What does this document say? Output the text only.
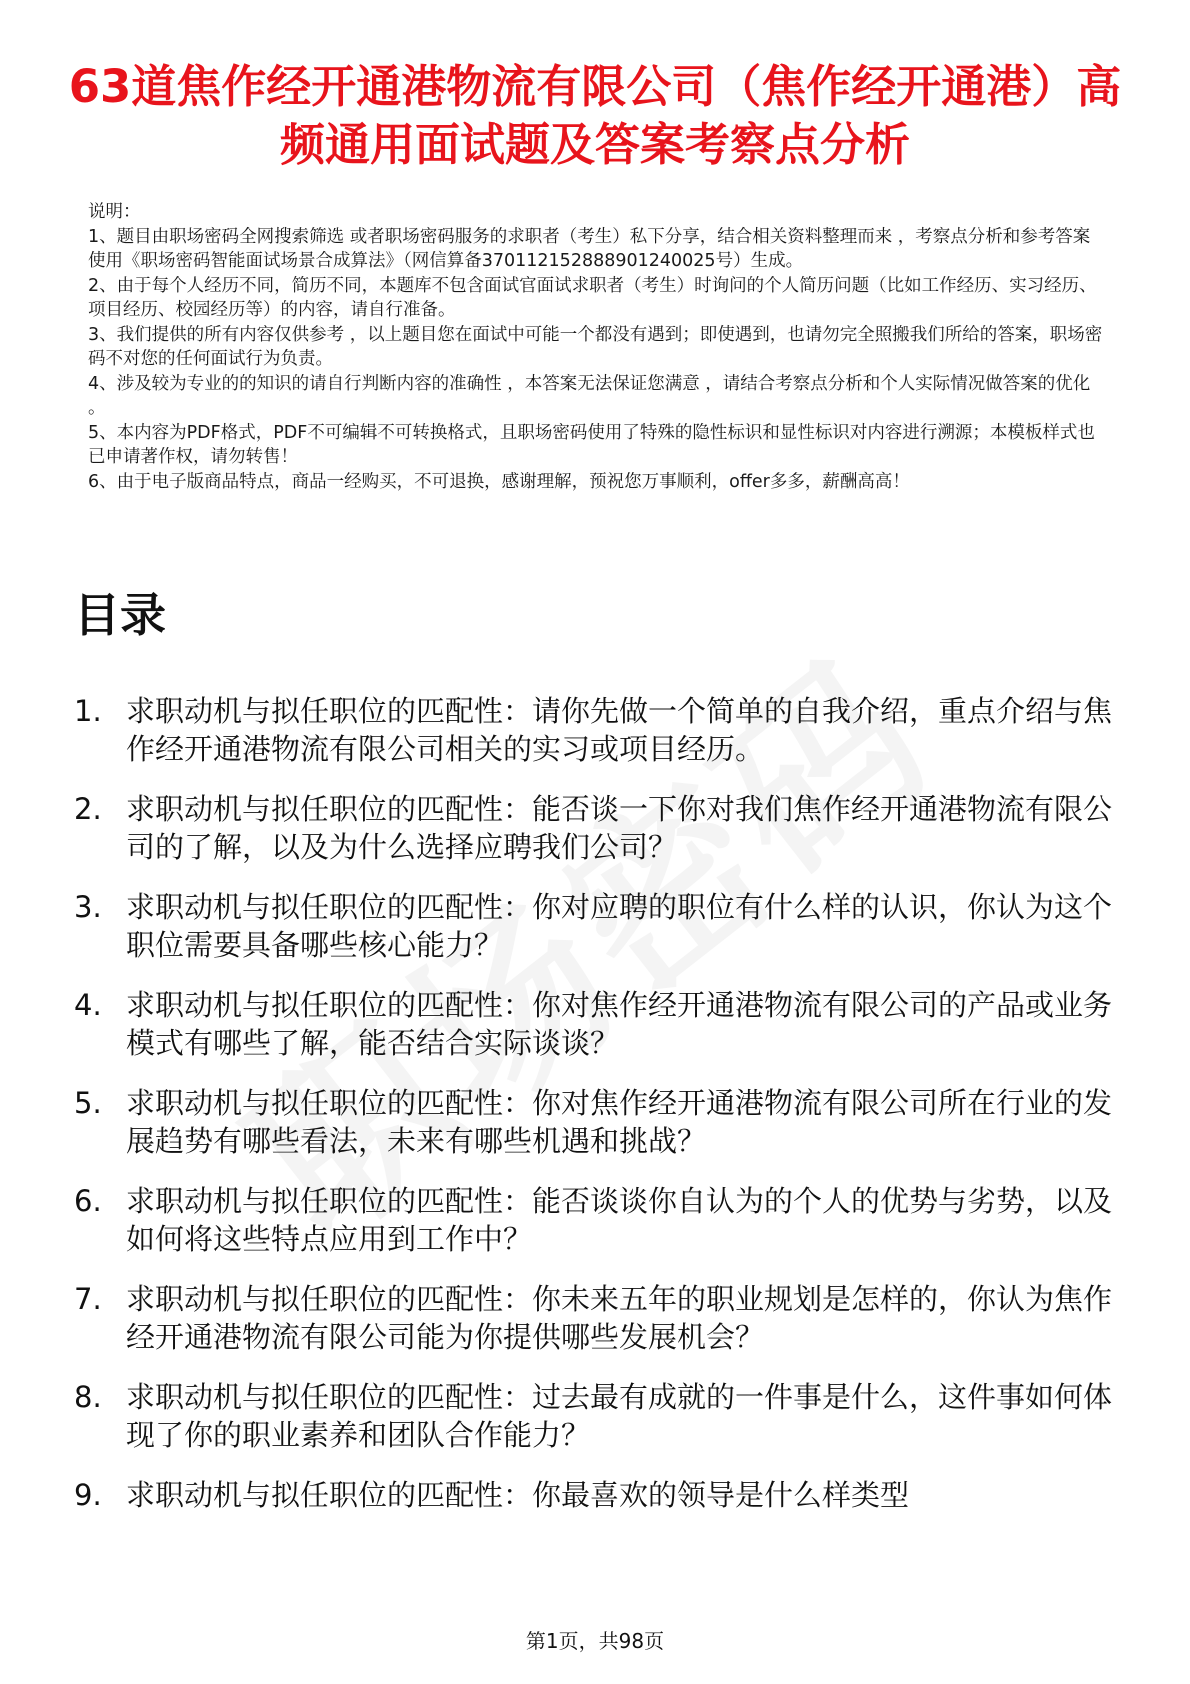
63道焦作经开通港物流有限公司（焦作经开通港）高频通用面试题及答案考察点分析

说明：

1、题目由职场密码全网搜索筛选 或者职场密码服务的求职者（考生）私下分享，结合相关资料整理而来 ，考察点分析和参考答案使用《职场密码智能面试场景合成算法》（网信算备370112152888901240025号）生成。

2、由于每个人经历不同，简历不同，本题库不包含面试官面试求职者（考生）时询问的个人简历问题（比如工作经历、实习经历、项目经历、校园经历等）的内容，请自行准备。

3、我们提供的所有内容仅供参考 ，以上题目您在面试中可能一个都没有遇到；即使遇到，也请勿完全照搬我们所给的答案，职场密码不对您的任何面试行为负责。

4、涉及较为专业的的知识的请自行判断内容的准确性 ，本答案无法保证您满意 ，请结合考察点分析和个人实际情况做答案的优化 。

5、本内容为PDF格式，PDF不可编辑不可转换格式，且职场密码使用了特殊的隐性标识和显性标识对内容进行溯源；本模板样式也已申请著作权，请勿转售！

6、由于电子版商品特点，商品一经购买，不可退换，感谢理解，预祝您万事顺利，offer多多，薪酬高高！

目录
1. 求职动机与拟任职位的匹配性：请你先做一个简单的自我介绍，重点介绍与焦作经开通港物流有限公司相关的实习或项目经历。
2. 求职动机与拟任职位的匹配性：能否谈一下你对我们焦作经开通港物流有限公司的了解，以及为什么选择应聘我们公司？
3. 求职动机与拟任职位的匹配性：你对应聘的职位有什么样的认识，你认为这个职位需要具备哪些核心能力？
4. 求职动机与拟任职位的匹配性：你对焦作经开通港物流有限公司的产品或业务模式有哪些了解，能否结合实际谈谈？
5. 求职动机与拟任职位的匹配性：你对焦作经开通港物流有限公司所在行业的发展趋势有哪些看法，未来有哪些机遇和挑战？
6. 求职动机与拟任职位的匹配性：能否谈谈你自认为的个人的优势与劣势，以及如何将这些特点应用到工作中？
7. 求职动机与拟任职位的匹配性：你未来五年的职业规划是怎样的，你认为焦作经开通港物流有限公司能为你提供哪些发展机会？
8. 求职动机与拟任职位的匹配性：过去最有成就的一件事是什么，这件事如何体现了你的职业素养和团队合作能力？
9. 求职动机与拟任职位的匹配性：你最喜欢的领导是什么样类型
第1页，共98页
